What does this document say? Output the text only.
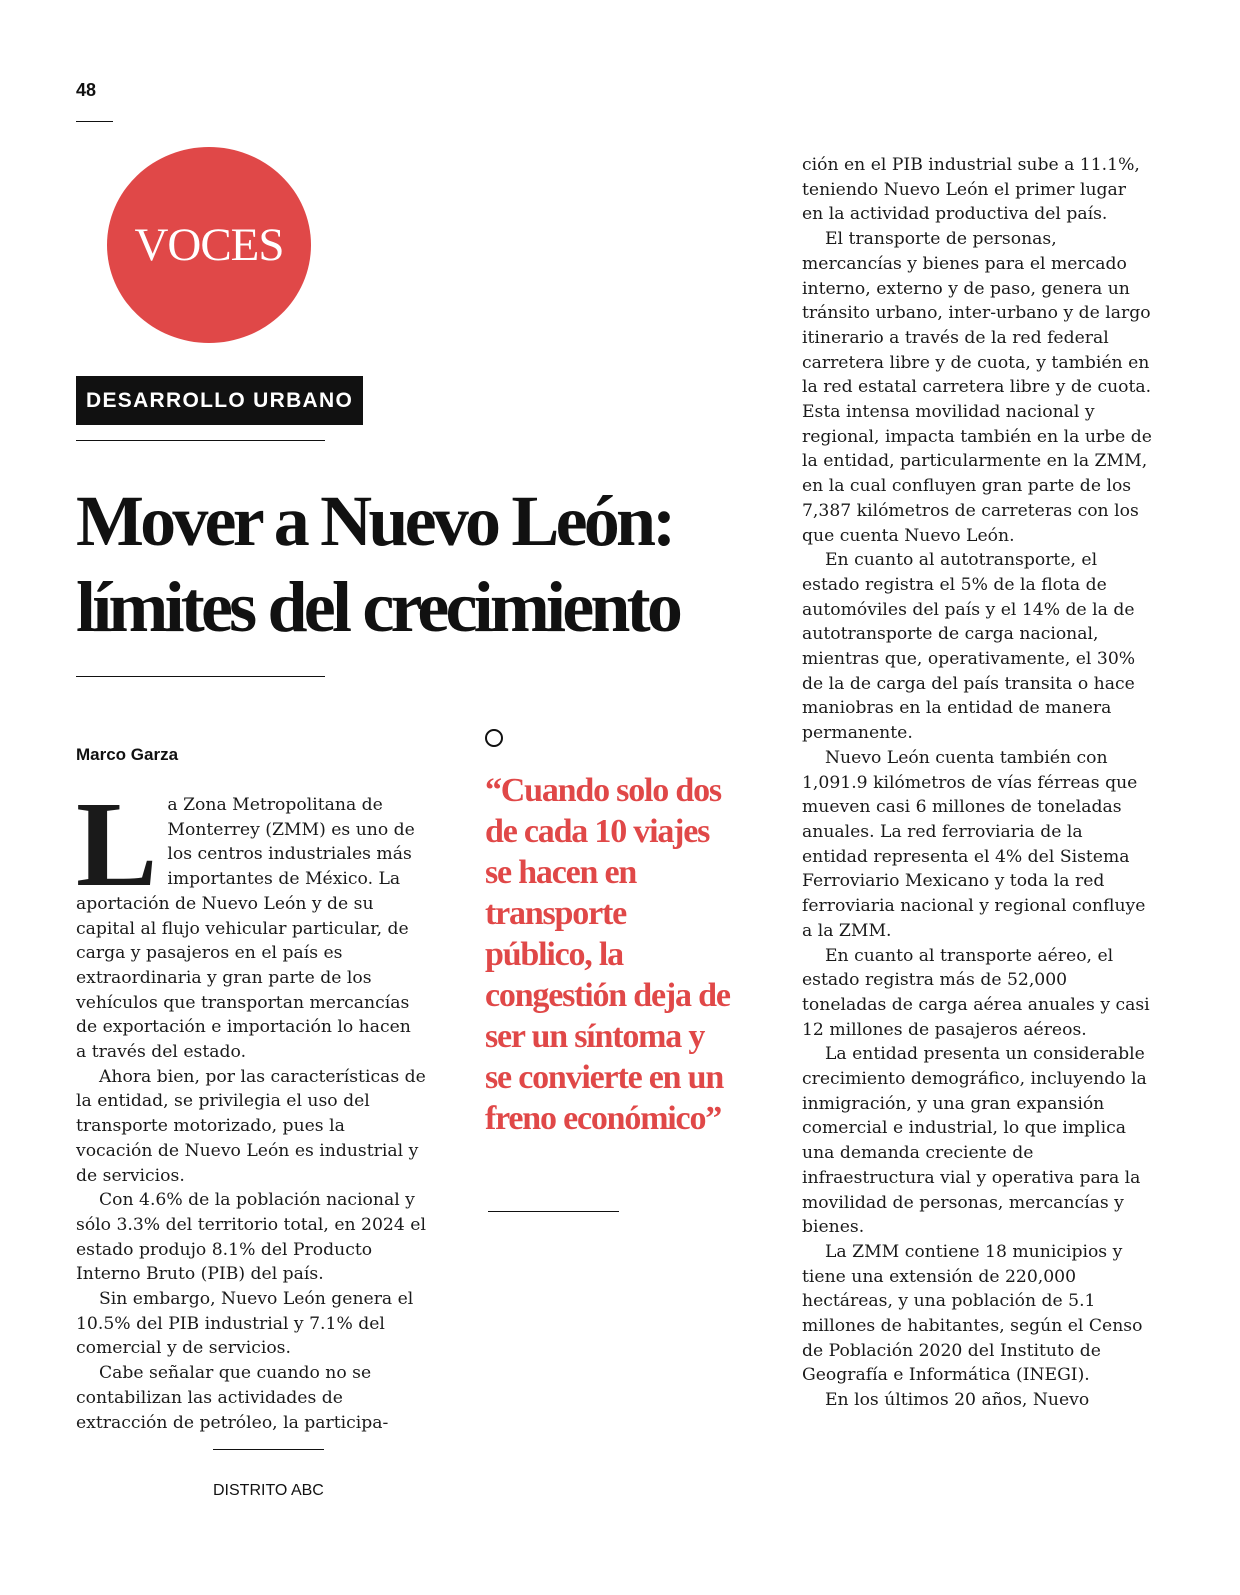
48
VOCES
DESARROLLO URBANO
Mover a Nuevo León: límites del crecimiento
Marco Garza
L a Zona Metropolitana de Monterrey (ZMM) es uno de los centros industriales más importantes de México. La aportación de Nuevo León y de su capital al flujo vehicular particular, de carga y pasajeros en el país es extraordinaria y gran parte de los vehículos que transportan mercancías de exportación e importación lo hacen a través del estado.

Ahora bien, por las características de la entidad, se privilegia el uso del transporte motorizado, pues la vocación de Nuevo León es industrial y de servicios.

Con 4.6% de la población nacional y sólo 3.3% del territorio total, en 2024 el estado produjo 8.1% del Producto Interno Bruto (PIB) del país.

Sin embargo, Nuevo León genera el 10.5% del PIB industrial y 7.1% del comercial y de servicios.

Cabe señalar que cuando no se contabilizan las actividades de extracción de petróleo, la participa-

DISTRITO ABC

“Cuando solo dos de cada 10 viajes se hacen en transporte público, la congestión deja de ser un síntoma y se convierte en un freno económico”

ción en el PIB industrial sube a 11.1%, teniendo Nuevo León el primer lugar en la actividad productiva del país.

El transporte de personas, mercancías y bienes para el mercado interno, externo y de paso, genera un tránsito urbano, inter-urbano y de largo itinerario a través de la red federal carretera libre y de cuota, y también en la red estatal carretera libre y de cuota. Esta intensa movilidad nacional y regional, impacta también en la urbe de la entidad, particularmente en la ZMM, en la cual confluyen gran parte de los 7,387 kilómetros de carreteras con los que cuenta Nuevo León.

En cuanto al autotransporte, el estado registra el 5% de la flota de automóviles del país y el 14% de la de autotransporte de carga nacional, mientras que, operativamente, el 30% de la de carga del país transita o hace maniobras en la entidad de manera permanente.

Nuevo León cuenta también con 1,091.9 kilómetros de vías férreas que mueven casi 6 millones de toneladas anuales. La red ferroviaria de la entidad representa el 4% del Sistema Ferroviario Mexicano y toda la red ferroviaria nacional y regional confluye a la ZMM.

En cuanto al transporte aéreo, el estado registra más de 52,000 toneladas de carga aérea anuales y casi 12 millones de pasajeros aéreos.

La entidad presenta un considerable crecimiento demográfico, incluyendo la inmigración, y una gran expansión comercial e industrial, lo que implica una demanda creciente de infraestructura vial y operativa para la movilidad de personas, mercancías y bienes.

La ZMM contiene 18 municipios y tiene una extensión de 220,000 hectáreas, y una población de 5.1 millones de habitantes, según el Censo de Población 2020 del Instituto de Geografía e Informática (INEGI).

En los últimos 20 años, Nuevo
